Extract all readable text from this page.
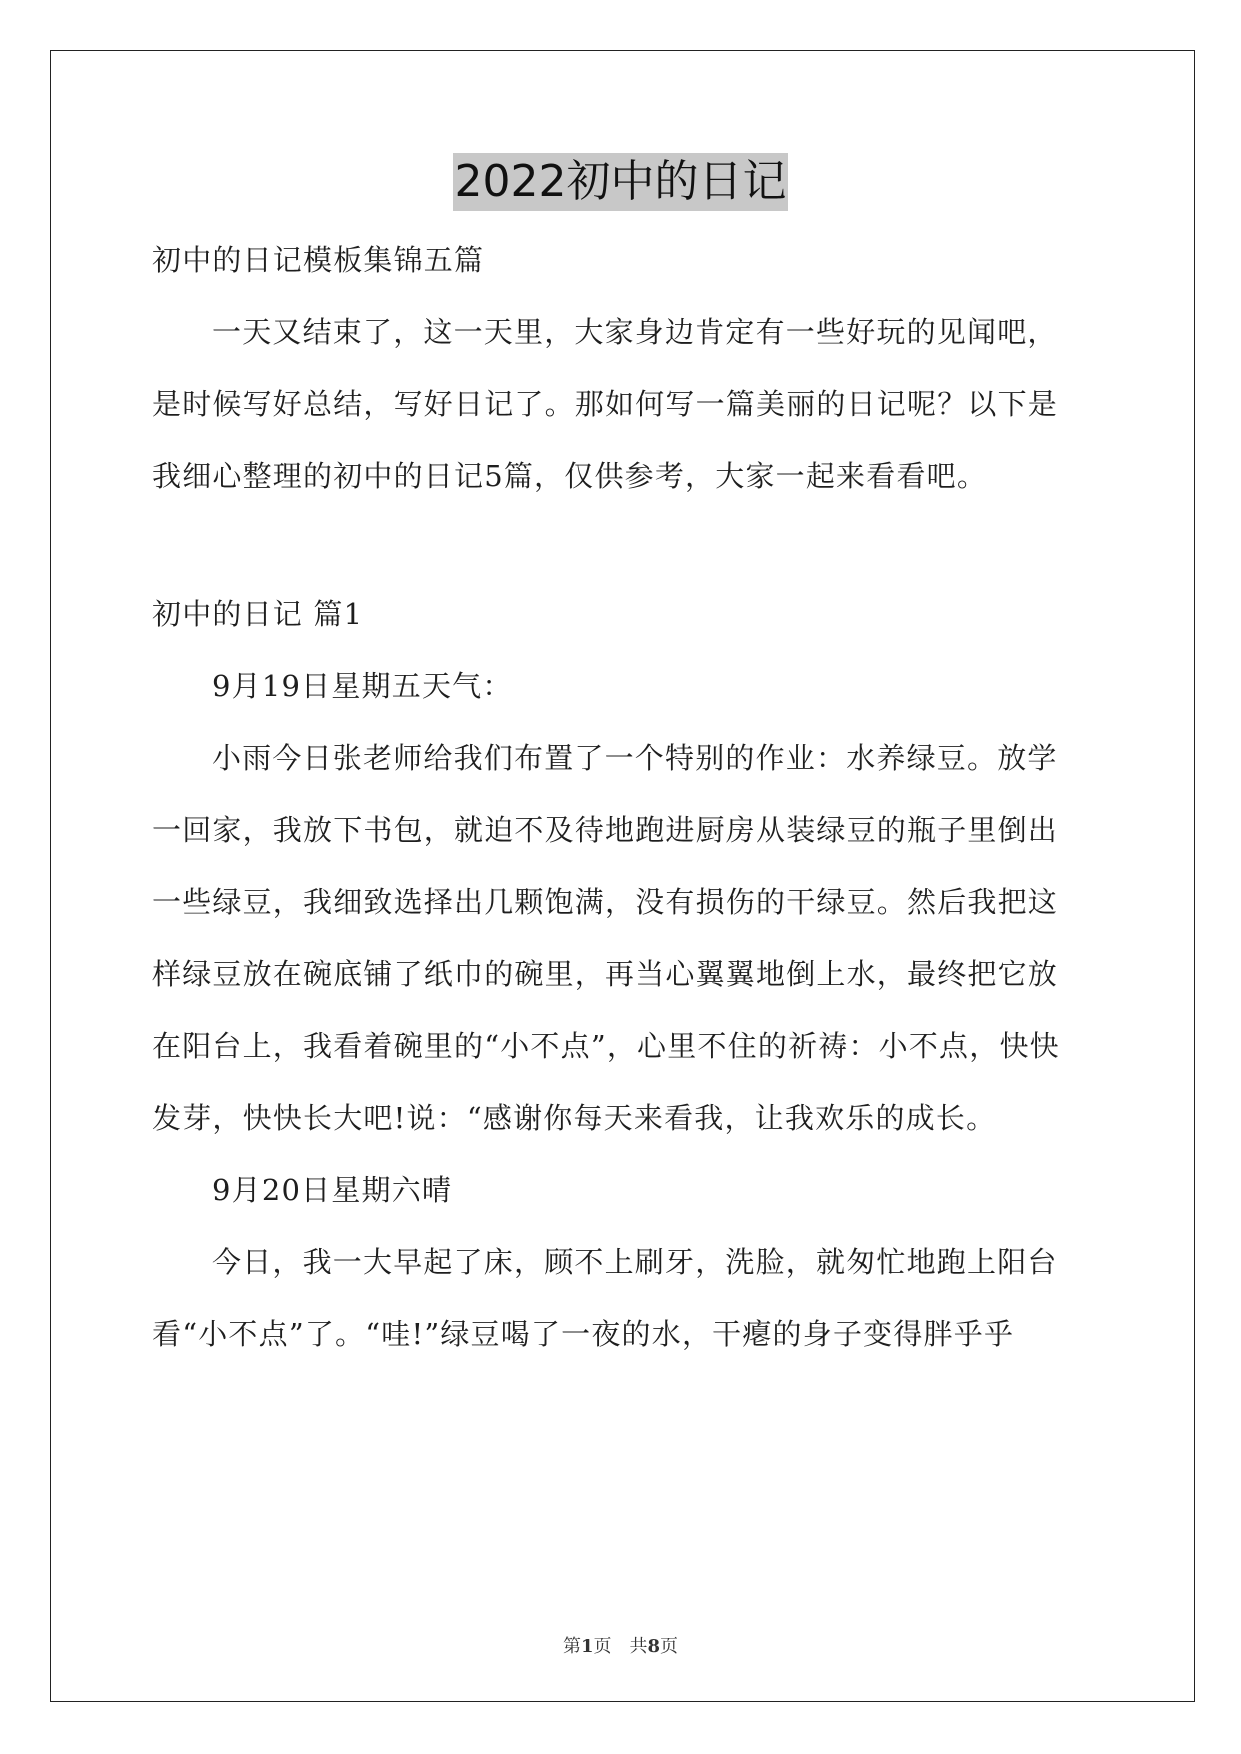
2022初中的日记
初中的日记模板集锦五篇
一天又结束了，这一天里，大家身边肯定有一些好玩的见闻吧，
是时候写好总结，写好日记了。那如何写一篇美丽的日记呢？以下是
我细心整理的初中的日记5篇，仅供参考，大家一起来看看吧。
初中的日记 篇1
9月19日星期五天气：
小雨今日张老师给我们布置了一个特别的作业：水养绿豆。放学
一回家，我放下书包，就迫不及待地跑进厨房从装绿豆的瓶子里倒出
一些绿豆，我细致选择出几颗饱满，没有损伤的干绿豆。然后我把这
样绿豆放在碗底铺了纸巾的碗里，再当心翼翼地倒上水，最终把它放
在阳台上，我看着碗里的“小不点”，心里不住的祈祷：小不点，快快
发芽，快快长大吧!说：“感谢你每天来看我，让我欢乐的成长。
9月20日星期六晴
今日，我一大早起了床，顾不上刷牙，洗脸，就匆忙地跑上阳台
看“小不点”了。“哇!”绿豆喝了一夜的水，干瘪的身子变得胖乎乎
第1页　共8页
